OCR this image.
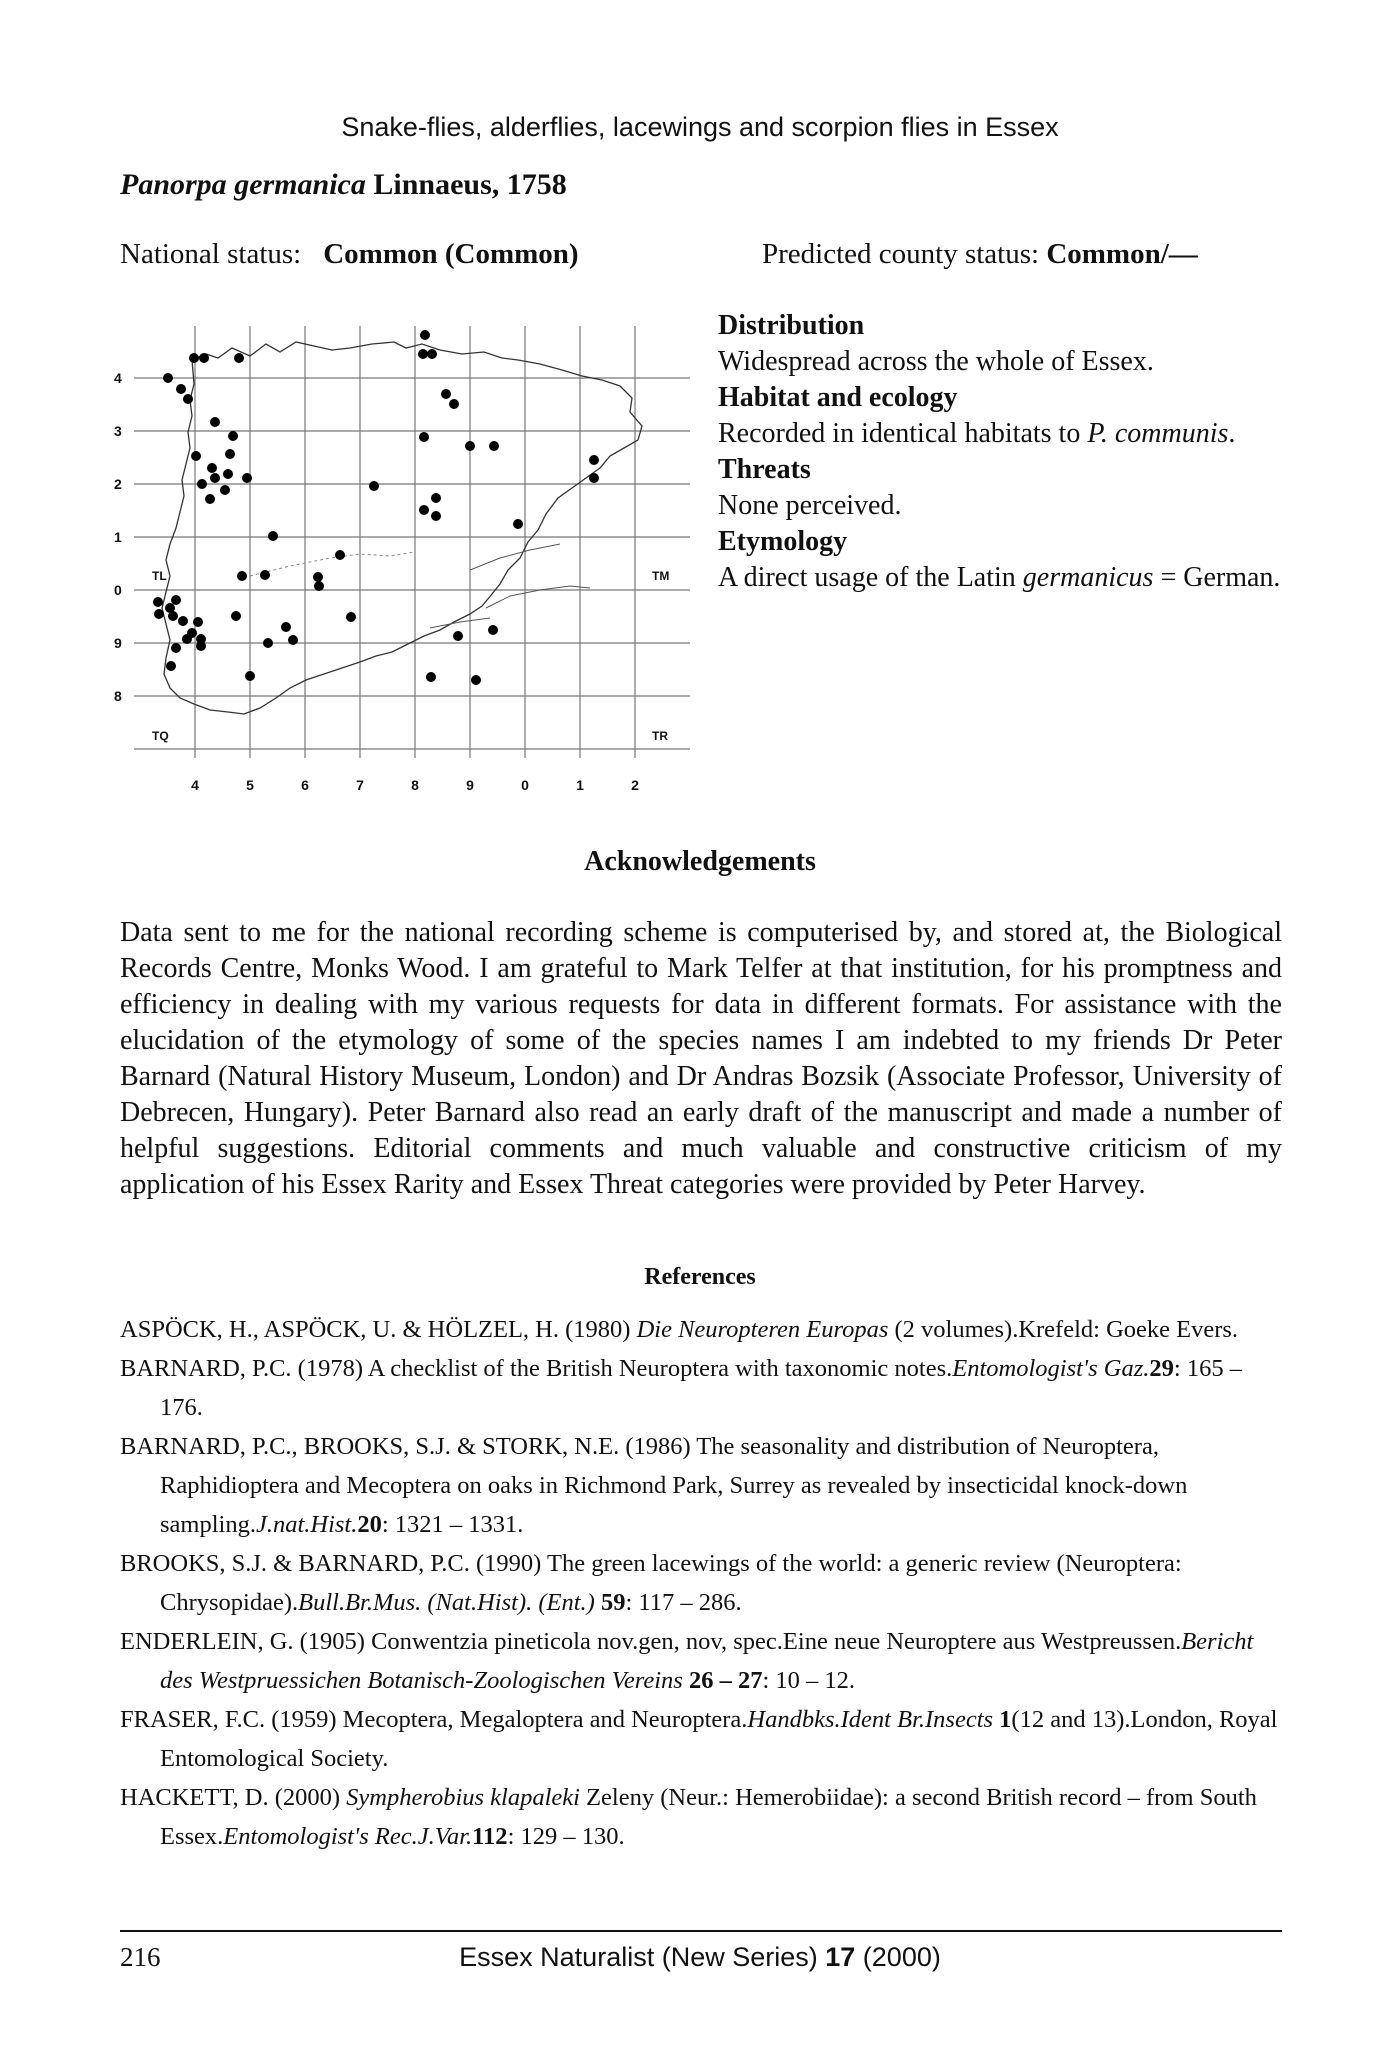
Snake-flies, alderflies, lacewings and scorpion flies in Essex
Panorpa germanica Linnaeus, 1758
National status: Common (Common)	Predicted county status: Common/—
4
3
2
1
0
9
8
4	5	6	7	8	9	0	1	2
TL	TM
TQ	TR
Distribution
Widespread across the whole of Essex.
Habitat and ecology
Recorded in identical habitats to P. communis.
Threats
None perceived.
Etymology
A direct usage of the Latin germanicus = German.
Acknowledgements
Data sent to me for the national recording scheme is computerised by, and stored at, the Biological Records Centre, Monks Wood. I am grateful to Mark Telfer at that institution, for his promptness and efficiency in dealing with my various requests for data in different formats. For assistance with the elucidation of the etymology of some of the species names I am indebted to my friends Dr Peter Barnard (Natural History Museum, London) and Dr Andras Bozsik (Associate Professor, University of Debrecen, Hungary). Peter Barnard also read an early draft of the manuscript and made a number of helpful suggestions. Editorial comments and much valuable and constructive criticism of my application of his Essex Rarity and Essex Threat categories were provided by Peter Harvey.
References
ASPÖCK, H., ASPÖCK, U. & HÖLZEL, H. (1980) Die Neuropteren Europas (2 volumes).Krefeld: Goeke Evers.
BARNARD, P.C. (1978) A checklist of the British Neuroptera with taxonomic notes.Entomologist's Gaz.29: 165 – 176.
BARNARD, P.C., BROOKS, S.J. & STORK, N.E. (1986) The seasonality and distribution of Neuroptera, Raphidioptera and Mecoptera on oaks in Richmond Park, Surrey as revealed by insecticidal knock-down sampling.J.nat.Hist.20: 1321 – 1331.
BROOKS, S.J. & BARNARD, P.C. (1990) The green lacewings of the world: a generic review (Neuroptera: Chrysopidae).Bull.Br.Mus. (Nat.Hist). (Ent.) 59: 117 – 286.
ENDERLEIN, G. (1905) Conwentzia pineticola nov.gen, nov, spec.Eine neue Neuroptere aus Westpreussen.Bericht des Westpruessichen Botanisch-Zoologischen Vereins 26 – 27: 10 – 12.
FRASER, F.C. (1959) Mecoptera, Megaloptera and Neuroptera.Handbks.Ident Br.Insects 1(12 and 13).London, Royal Entomological Society.
HACKETT, D. (2000) Sympherobius klapaleki Zeleny (Neur.: Hemerobiidae): a second British record – from South Essex.Entomologist's Rec.J.Var.112: 129 – 130.
216	Essex Naturalist (New Series) 17 (2000)
